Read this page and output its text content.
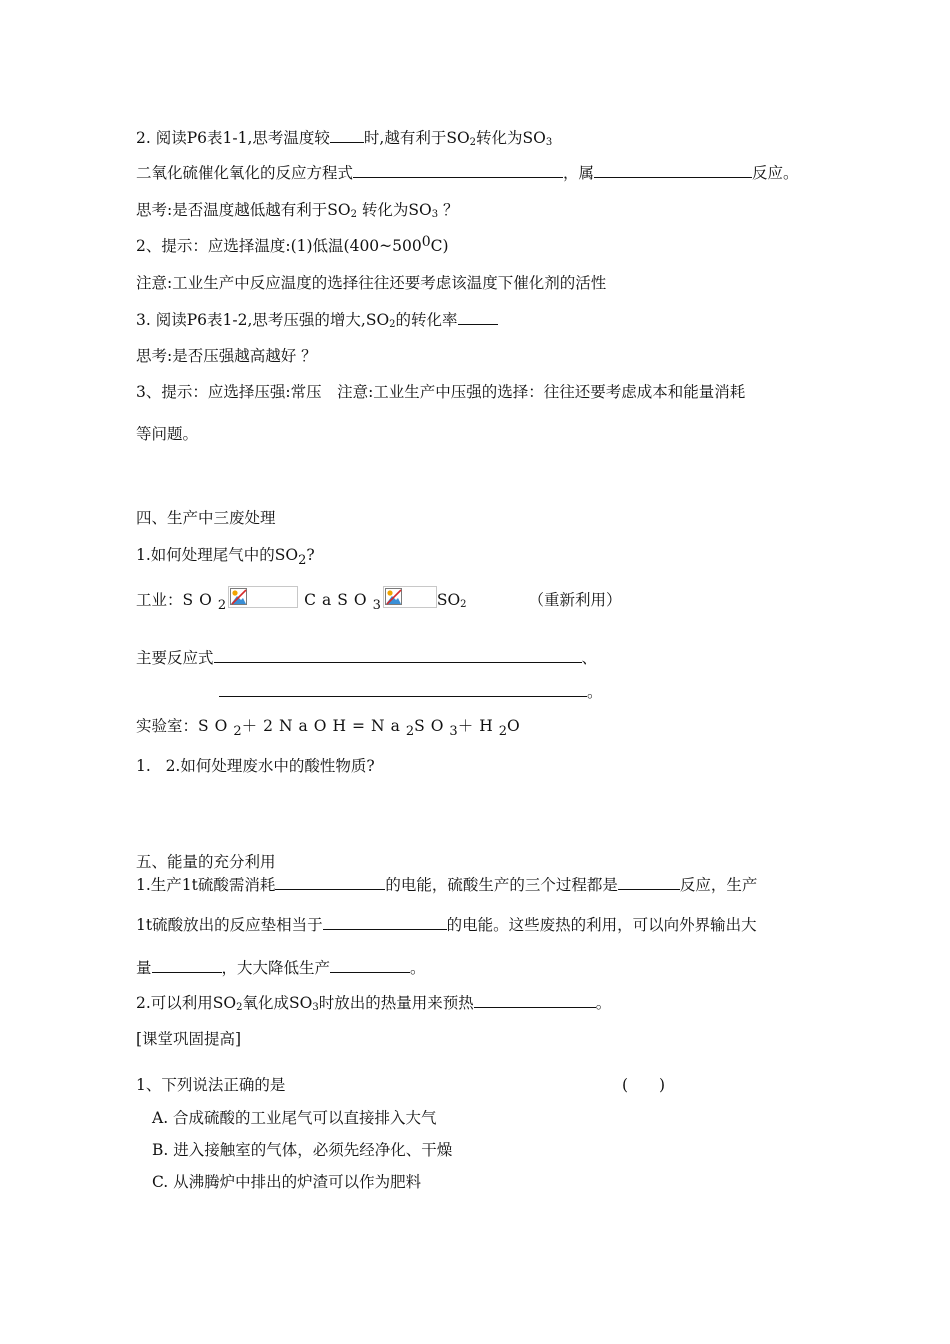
2. 阅读P6表1-1,思考温度较 时,越有利于$SO_2$转化为$SO_3$
二氧化硫催化氧化的反应方程式	，属	反应。
思考:是否温度越低越有利于$SO_2$ 转化为$SO_3$ ？
2、提示：应选择温度:(1)低温(400~5000C)
注意:工业生产中反应温度的选择往往还要考虑该温度下催化剂的活性
3. 阅读P6表1-2,思考压强的增大$,SO_2$的转化率
思考:是否压强越高越好 ？
3、提示：应选择压强:常压　注意:工业生产中压强的选择：往往还要考虑成本和能量消耗
等问题。
四、生产中三废处理
1.如何处理尾气中的$SO_2$?
工业：$SO_2$	CaSO$_3$	$SO_2$	（重新利用）
主要反应式	、
。
实验室：$SO_2+2NaOH=Na_2SO_3+H_2O$
1.   2.如何处理废水中的酸性物质?
五、能量的充分利用
1.生产1t硫酸需消耗	的电能，硫酸生产的三个过程都是	反应，生产
1t硫酸放出的反应垫相当于	的电能。这些废热的利用，可以向外界输出大
量	，大大降低生产	。
2.可以利用$SO_2$氧化成$SO_3$时放出的热量用来预热	。
[课堂巩固提高]
1、下列说法正确的是	(　　)
A. 合成硫酸的工业尾气可以直接排入大气
B. 进入接触室的气体，必须先经净化、干燥
C. 从沸腾炉中排出的炉渣可以作为肥料
